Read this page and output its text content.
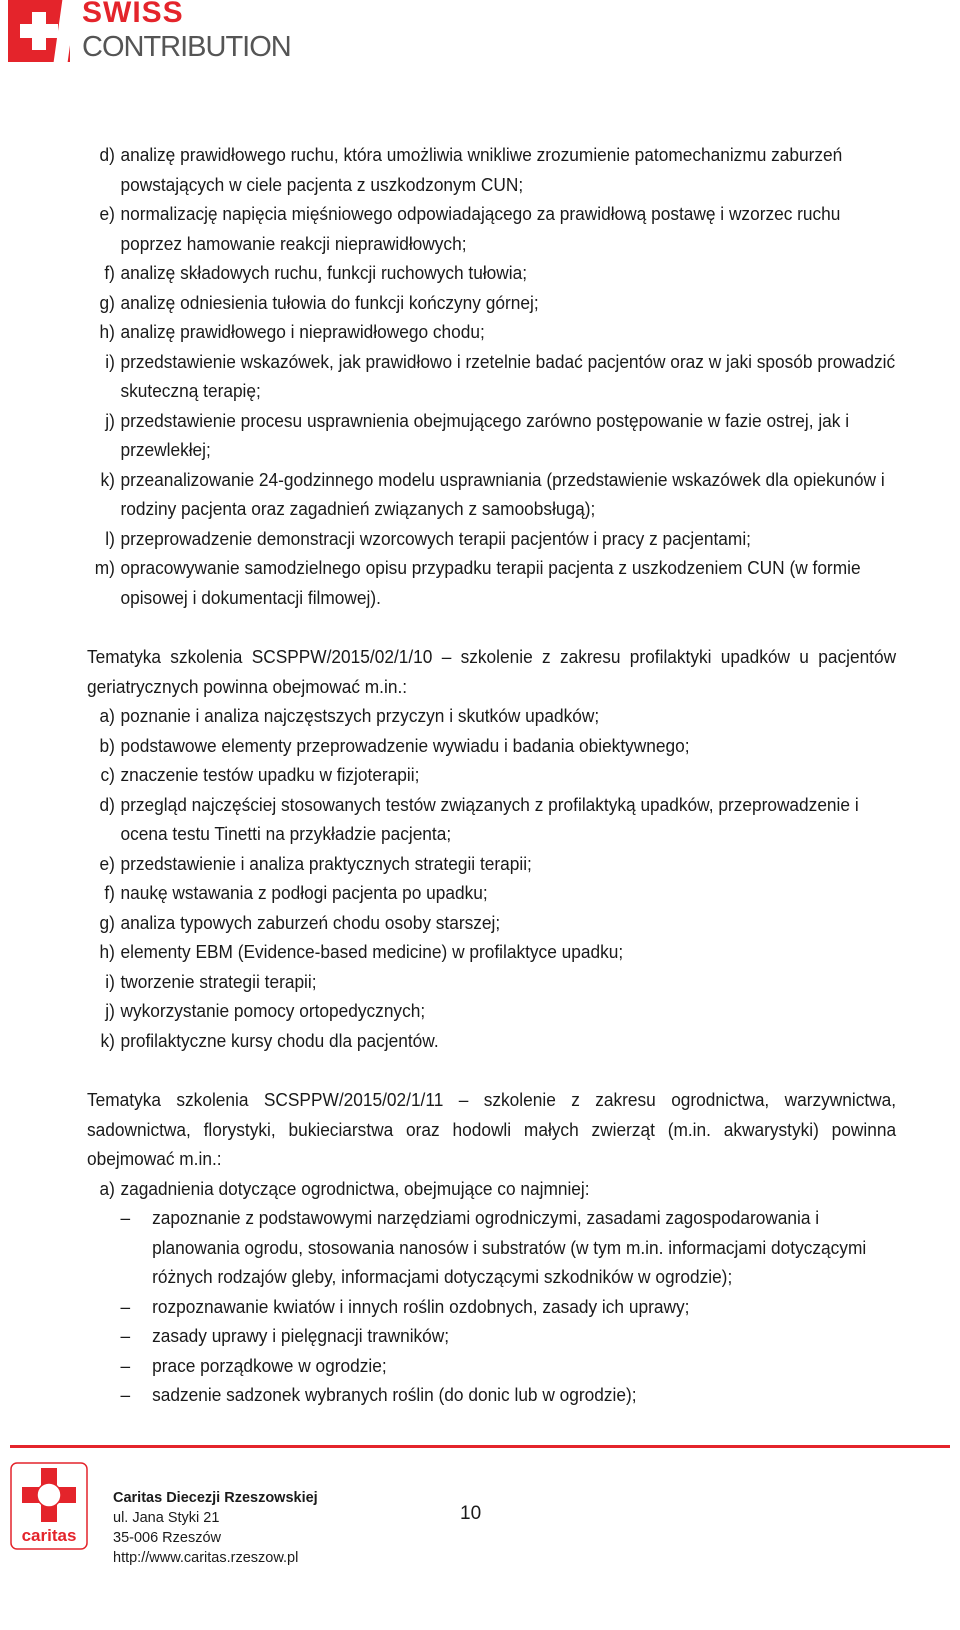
SWISS
CONTRIBUTION

d) analizę prawidłowego ruchu, która umożliwia wnikliwe zrozumienie patomechanizmu zaburzeń powstających w ciele pacjenta z uszkodzonym CUN;

e) normalizację napięcia mięśniowego odpowiadającego za prawidłową postawę i wzorzec ruchu poprzez hamowanie reakcji nieprawidłowych;

f) analizę składowych ruchu, funkcji ruchowych tułowia;

g) analizę odniesienia tułowia do funkcji kończyny górnej;

h) analizę prawidłowego i nieprawidłowego chodu;

i) przedstawienie wskazówek, jak prawidłowo i rzetelnie badać pacjentów oraz w jaki sposób prowadzić skuteczną terapię;

j) przedstawienie procesu usprawnienia obejmującego zarówno postępowanie w fazie ostrej, jak i przewlekłej;

k) przeanalizowanie 24-godzinnego modelu usprawniania (przedstawienie wskazówek dla opiekunów i rodziny pacjenta oraz zagadnień związanych z samoobsługą);

l) przeprowadzenie demonstracji wzorcowych terapii pacjentów i pracy z pacjentami;

m) opracowywanie samodzielnego opisu przypadku terapii pacjenta z uszkodzeniem CUN (w formie opisowej i dokumentacji filmowej).

Tematyka szkolenia SCSPPW/2015/02/1/10 – szkolenie z zakresu profilaktyki upadków u pacjentów geriatrycznych powinna obejmować m.in.:

a) poznanie i analiza najczęstszych przyczyn i skutków upadków;

b) podstawowe elementy przeprowadzenie wywiadu i badania obiektywnego;

c) znaczenie testów upadku w fizjoterapii;

d) przegląd najczęściej stosowanych testów związanych z profilaktyką upadków, przeprowadzenie i ocena testu Tinetti na przykładzie pacjenta;

e) przedstawienie i analiza praktycznych strategii terapii;

f) naukę wstawania z podłogi pacjenta po upadku;

g) analiza typowych zaburzeń chodu osoby starszej;

h) elementy EBM (Evidence-based medicine) w profilaktyce upadku;

i) tworzenie strategii terapii;

j) wykorzystanie pomocy ortopedycznych;

k) profilaktyczne kursy chodu dla pacjentów.

Tematyka szkolenia SCSPPW/2015/02/1/11 – szkolenie z zakresu ogrodnictwa, warzywnictwa, sadownictwa, florystyki, bukieciarstwa oraz hodowli małych zwierząt (m.in. akwarystyki) powinna obejmować m.in.:

a) zagadnienia dotyczące ogrodnictwa, obejmujące co najmniej:

– zapoznanie z podstawowymi narzędziami ogrodniczymi, zasadami zagospodarowania i planowania ogrodu, stosowania nanosów i substratów (w tym m.in. informacjami dotyczącymi różnych rodzajów gleby, informacjami dotyczącymi szkodników w ogrodzie);

– rozpoznawanie kwiatów i innych roślin ozdobnych, zasady ich uprawy;

– zasady uprawy i pielęgnacji trawników;

– prace porządkowe w ogrodzie;

– sadzenie sadzonek wybranych roślin (do donic lub w ogrodzie);

caritas
Caritas Diecezji Rzeszowskiej
ul. Jana Styki 21
35-006 Rzeszów
http://www.caritas.rzeszow.pl
10
